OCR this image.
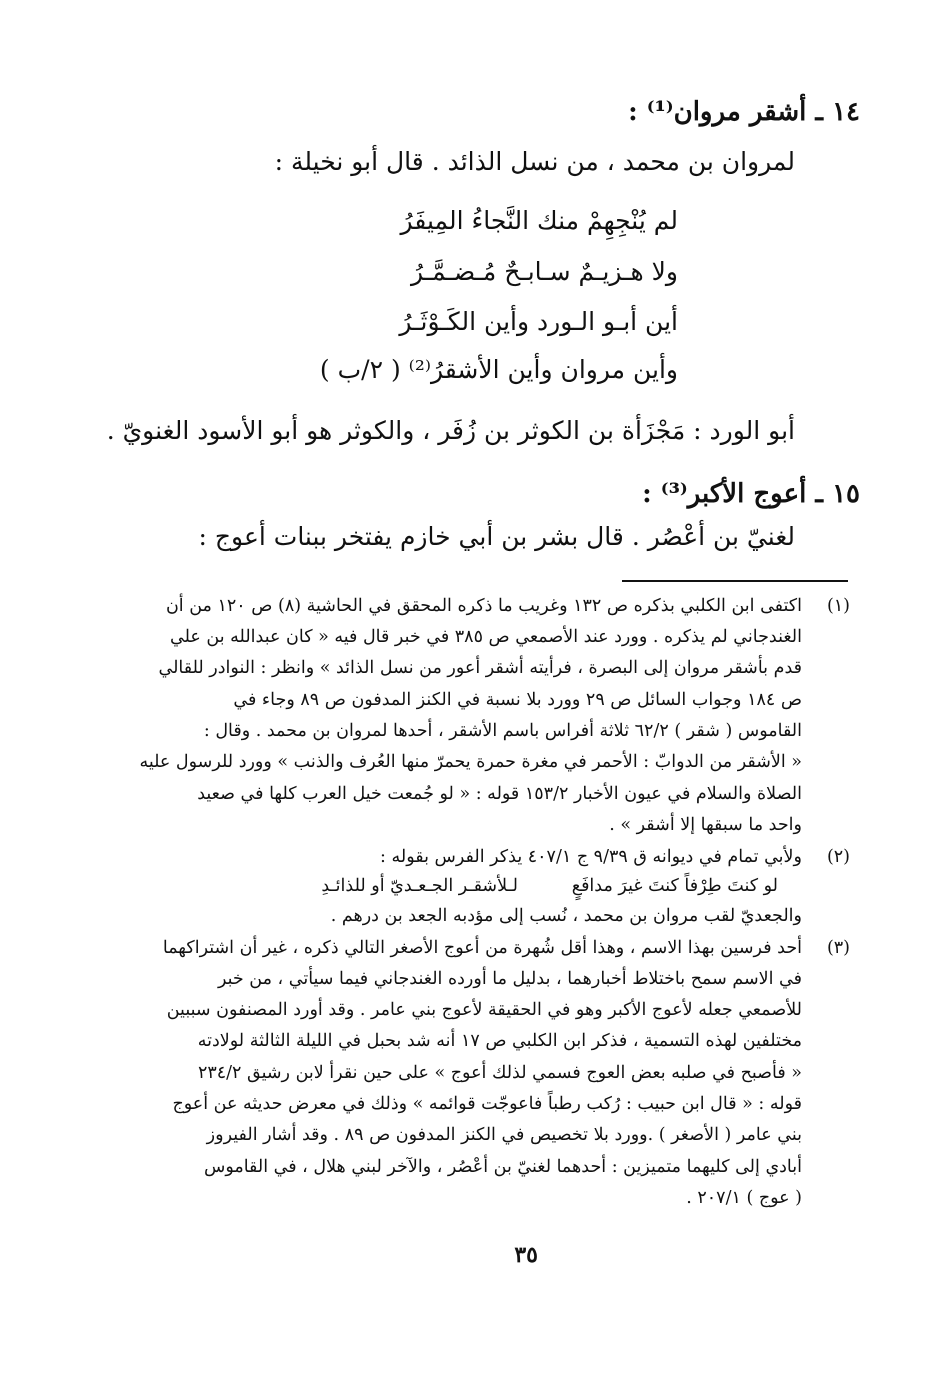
١٤ ـ أشقر مروان⁽¹⁾ :
لمروان بن محمد ، من نسل الذائد . قال أبو نخيلة :
لم يُنْجِهِمْ منك النَّجاءُ المِيفَرُ
ولا هـزيـمٌ سـابـحٌ مُـضـمَّـرُ
أين أبـو الـورد وأين الكَـوْثَـرُ
وأين مروان وأين الأشقرُ⁽²⁾ ( ٢/ب )
أبو الورد : مَجْزَأة بن الكوثر بن زُفَر ، والكوثر هو أبو الأسود الغنويّ .
١٥ ـ أعوج الأكبر⁽³⁾ :
لغنيّ بن أعْصُر . قال بشر بن أبي خازم يفتخر ببنات أعوج :
(١)
اكتفى ابن الكلبي بذكره ص ١٣٢ وغريب ما ذكره المحقق في الحاشية (٨) ص ١٢٠ من أن
الغندجاني لم يذكره . وورد عند الأصمعي ص ٣٨٥ في خبر قال فيه « كان عبدالله بن علي
قدم بأشقر مروان إلى البصرة ، فرأيته أشقر أعور من نسل الذائد » وانظر : النوادر للقالي
ص ١٨٤ وجواب السائل ص ٢٩ وورد بلا نسبة في الكنز المدفون ص ٨٩ وجاء في
القاموس ( شقر ) ٦٢/٢ ثلاثة أفراس باسم الأشقر ، أحدها لمروان بن محمد . وقال :
« الأشقر من الدوابّ : الأحمر في مغرة حمرة يحمرّ منها العُرف والذنب » وورد للرسول عليه
الصلاة والسلام في عيون الأخبار ١٥٣/٢ قوله : « لو جُمعت خيل العرب كلها في صعيد
واحد ما سبقها إلا أشقر » .
(٢)
ولأبي تمام في ديوانه ق ٩/٣٩ ج ٤٠٧/١ يذكر الفرس بقوله :
لو كنتَ طِرْفاً كنتَ غيرَ مدافَعٍ
لـلأشقـر الجـعـديّ أو للذائـدِ
والجعديّ لقب مروان بن محمد ، نُسب إلى مؤدبه الجعد بن درهم .
(٣)
أحد فرسين بهذا الاسم ، وهذا أقل شُهرة من أعوج الأصغر التالي ذكره ، غير أن اشتراكهما
في الاسم سمح باختلاط أخبارهما ، بدليل ما أورده الغندجاني فيما سيأتي ، من خبر
للأصمعي جعله لأعوج الأكبر وهو في الحقيقة لأعوج بني عامر . وقد أورد المصنفون سببين
مختلفين لهذه التسمية ، فذكر ابن الكلبي ص ١٧ أنه شد بحبل في الليلة الثالثة لولادته
« فأصبح في صلبه بعض العوج فسمي لذلك أعوج » على حين نقرأ لابن رشيق ٢٣٤/٢
قوله : « قال ابن حبيب : رُكب رطباً فاعوجّت قوائمه » وذلك في معرض حديثه عن أعوج
بني عامر ( الأصغر ) .وورد بلا تخصيص في الكنز المدفون ص ٨٩ . وقد أشار الفيروز
أبادي إلى كليهما متميزين : أحدهما لغنيّ بن أعْصُر ، والآخر لبني هلال ، في القاموس
( عوج ) ٢٠٧/١ .
٣٥
